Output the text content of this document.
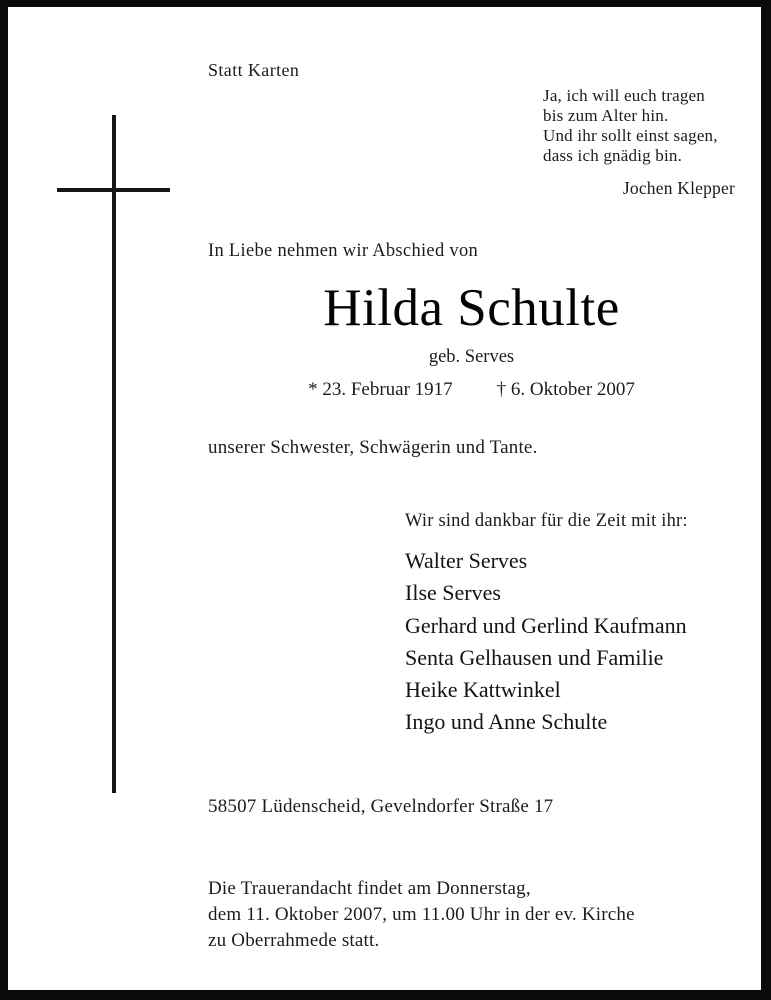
Statt Karten
Ja, ich will euch tragen
bis zum Alter hin.
Und ihr sollt einst sagen,
dass ich gnädig bin.
Jochen Klepper
In Liebe nehmen wir Abschied von
Hilda Schulte
geb. Serves
* 23. Februar 1917 † 6. Oktober 2007
unserer Schwester, Schwägerin und Tante.
Wir sind dankbar für die Zeit mit ihr:
Walter Serves
Ilse Serves
Gerhard und Gerlind Kaufmann
Senta Gelhausen und Familie
Heike Kattwinkel
Ingo und Anne Schulte
58507 Lüdenscheid, Gevelndorfer Straße 17
Die Trauerandacht findet am Donnerstag,
dem 11. Oktober 2007, um 11.00 Uhr in der ev. Kirche
zu Oberrahmede statt.
